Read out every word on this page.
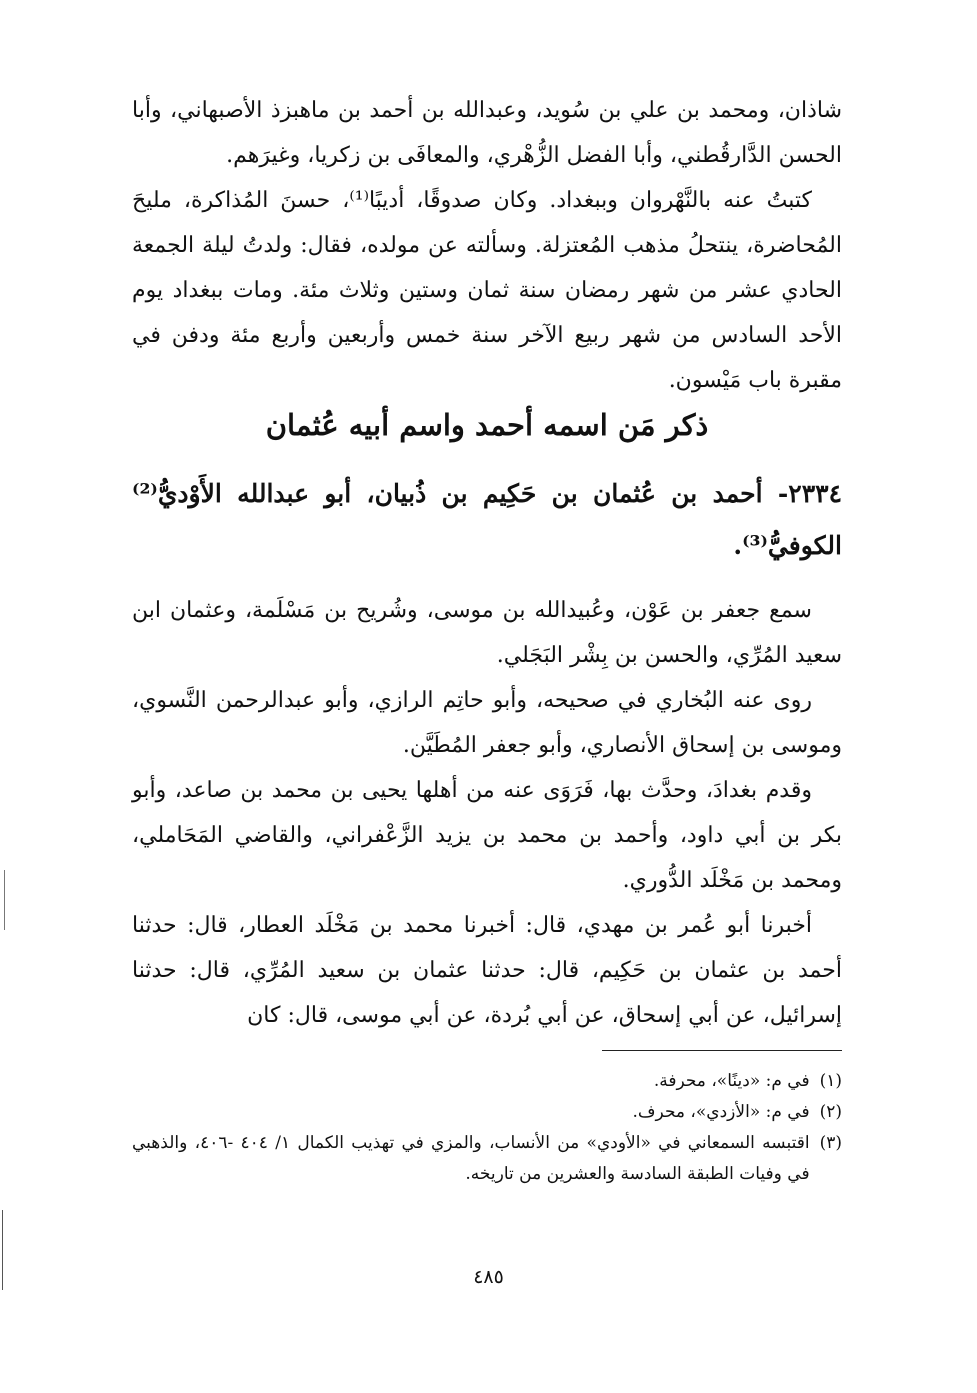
شاذان، ومحمد بن علي بن سُويد، وعبدالله بن أحمد بن ماهبزذ الأصبهاني، وأبا الحسن الدَّارقُطني، وأبا الفضل الزُّهْري، والمعافَى بن زكريا، وغيرَهم.

كتبتُ عنه بالنَّهْروان وببغداد. وكان صدوقًا، أديبًا⁽¹⁾، حسنَ المُذاكرة، مليحَ المُحاضرة، ينتحلُ مذهب المُعتزلة. وسألته عن مولده، فقال: ولدتُ ليلة الجمعة الحادي عشر من شهر رمضان سنة ثمان وستين وثلاث مئة. ومات ببغداد يوم الأحد السادس من شهر ربيع الآخر سنة خمس وأربعين وأربع مئة ودفن في مقبرة باب مَيْسون.

ذكر مَن اسمه أحمد واسم أبيه عُثمان
٢٣٣٤- أحمد بن عُثمان بن حَكِيم بن ذُبيان، أبو عبدالله الأَوْديُّ⁽²⁾ الكوفيُّ⁽³⁾.

سمع جعفر بن عَوْن، وعُبيدالله بن موسى، وشُريح بن مَسْلَمة، وعثمان ابن سعيد المُرِّي، والحسن بن بِشْر البَجَلي.

روى عنه البُخاري في صحيحه، وأبو حاتِم الرازي، وأبو عبدالرحمن النَّسوي، وموسى بن إسحاق الأنصاري، وأبو جعفر المُطَيَّن.

وقدم بغدادَ، وحدَّث بها، فَرَوَى عنه من أهلها يحيى بن محمد بن صاعد، وأبو بكر بن أبي داود، وأحمد بن محمد بن يزيد الزَّعْفراني، والقاضي المَحَاملي، ومحمد بن مَخْلَد الدُّوري.

أخبرنا أبو عُمر بن مهدي، قال: أخبرنا محمد بن مَخْلَد العطار، قال: حدثنا أحمد بن عثمان بن حَكِيم، قال: حدثنا عثمان بن سعيد المُرِّي، قال: حدثنا إسرائيل، عن أبي إسحاق، عن أبي بُردة، عن أبي موسى، قال: كان

(١)
في م: «دينًا»، محرفة.

(٢)
في م: «الأزدي»، محرف.

(٣)
اقتبسه السمعاني في «الأودي» من الأنساب، والمزي في تهذيب الكمال ١/ ٤٠٤ -٤٠٦، والذهبي في وفيات الطبقة السادسة والعشرين من تاريخه.

٤٨٥
